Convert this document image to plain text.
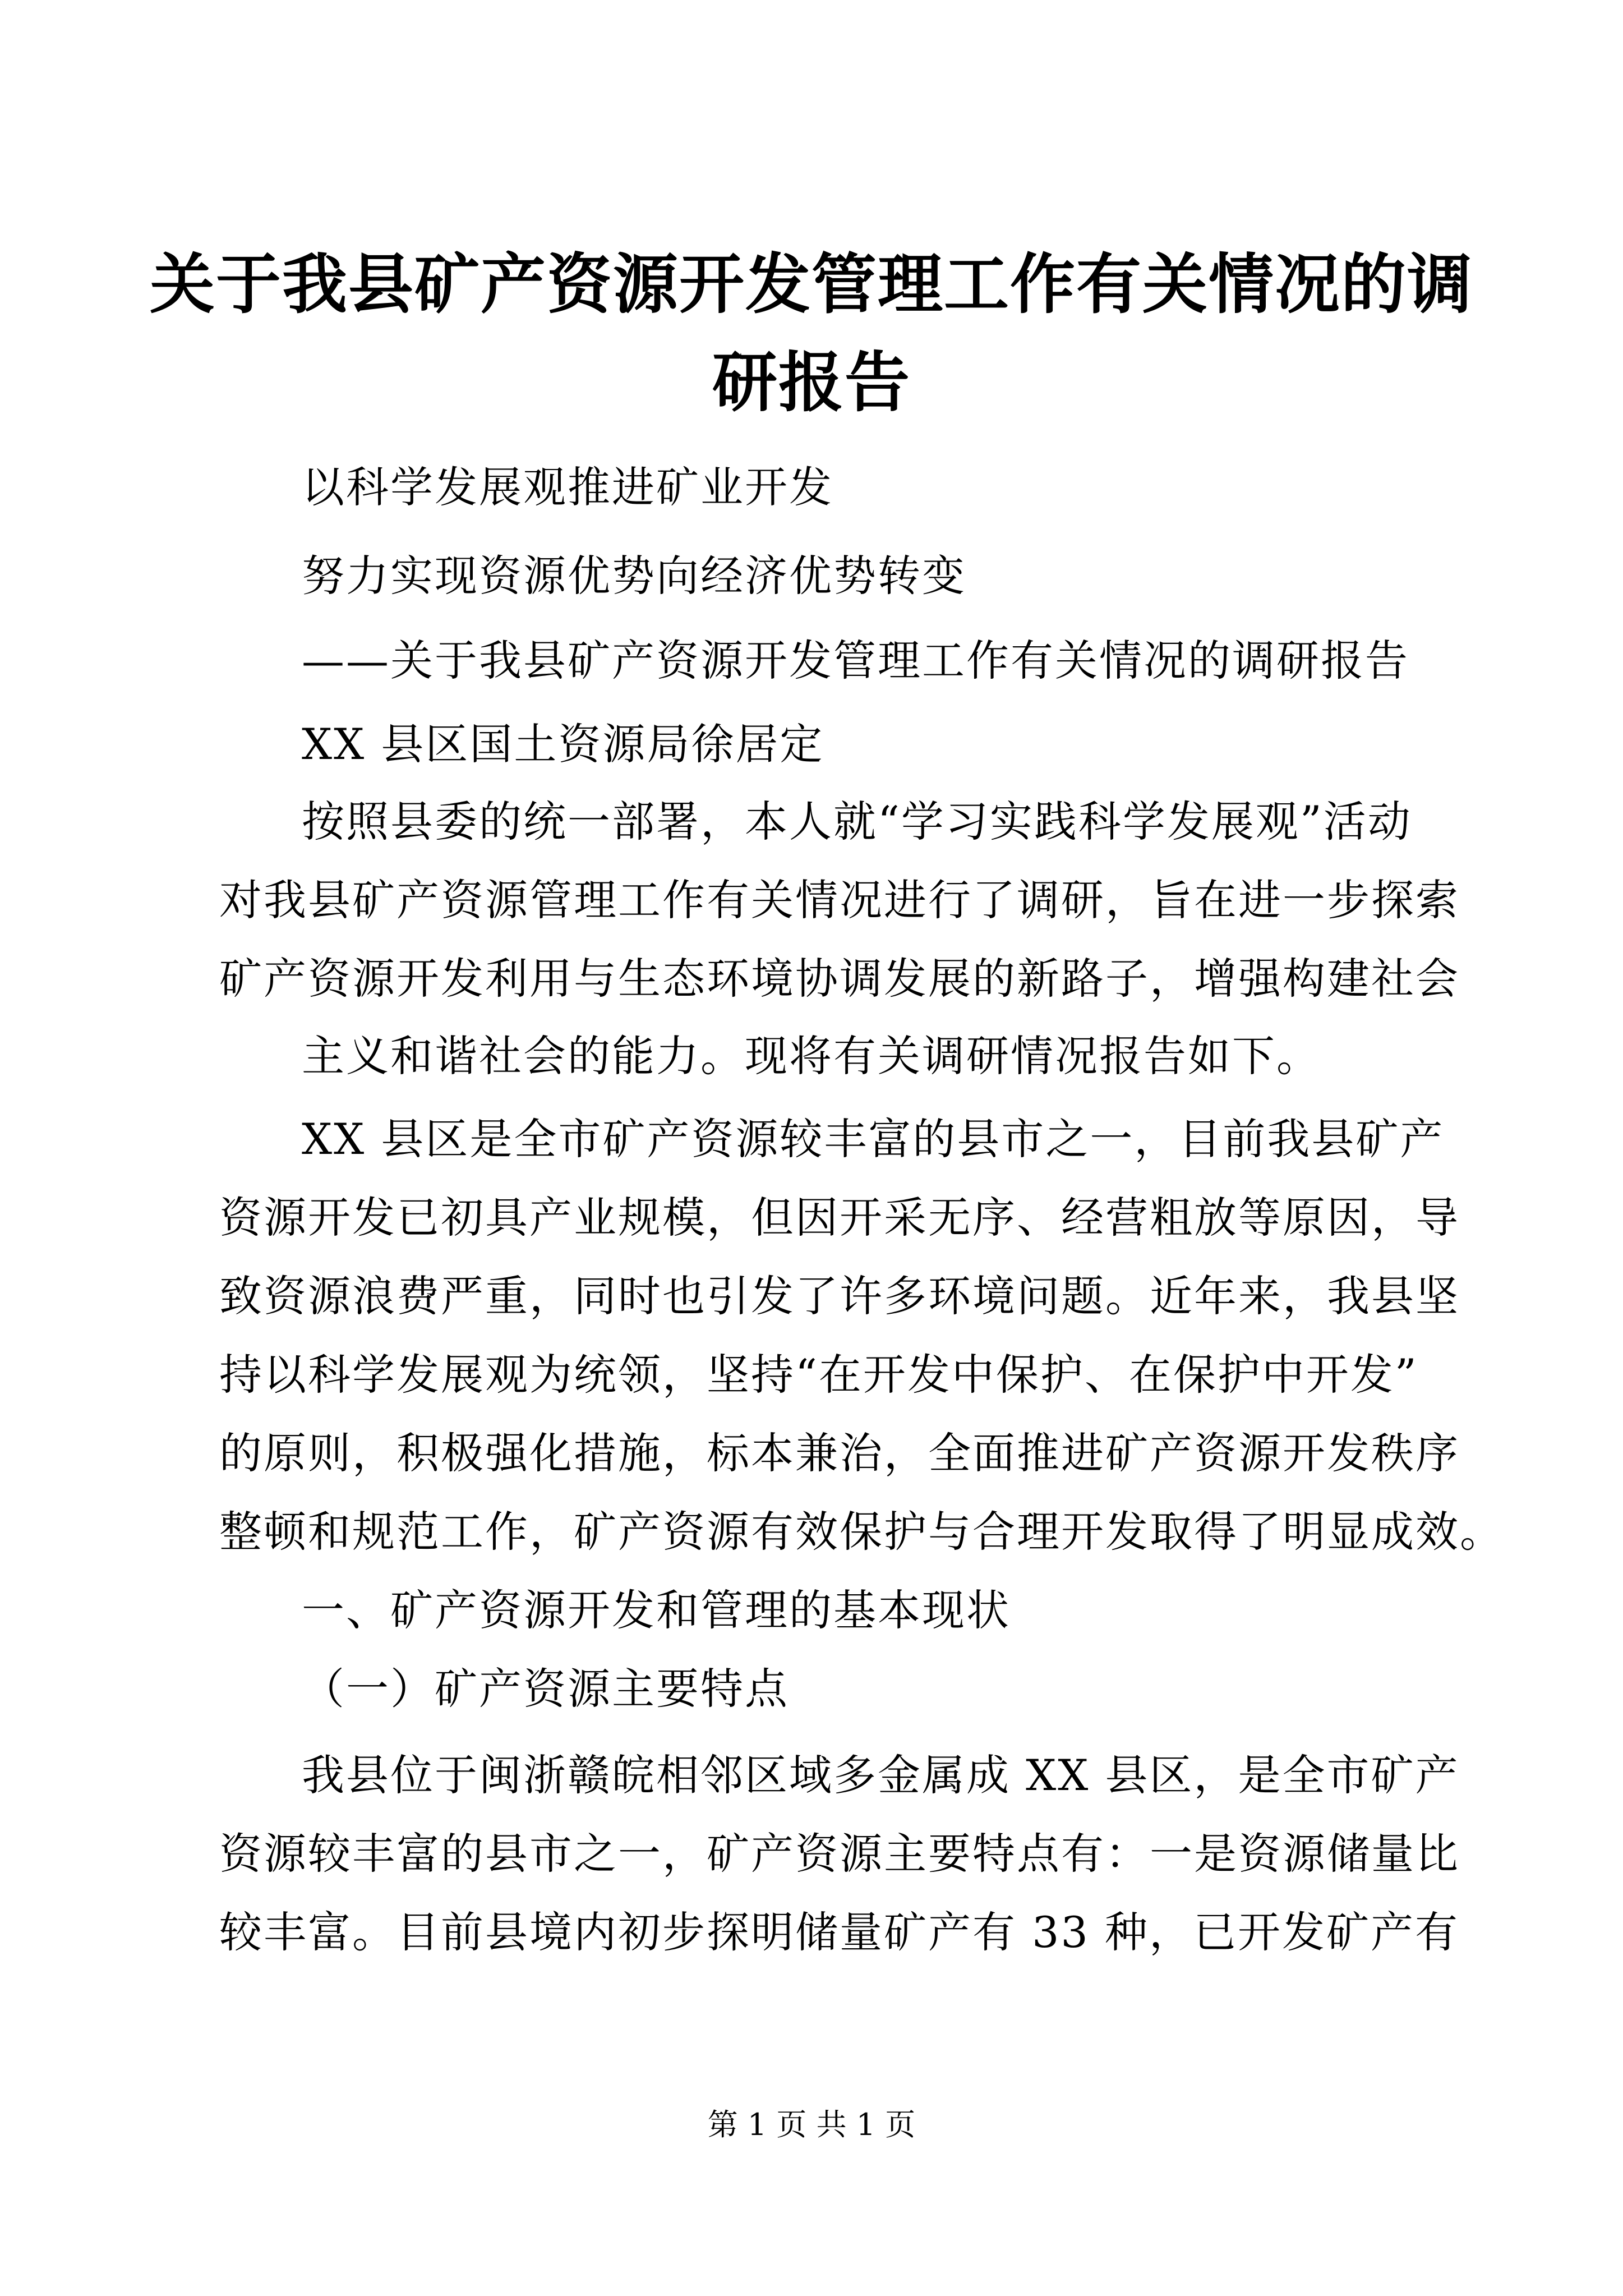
关于我县矿产资源开发管理工作有关情况的调
研报告
以科学发展观推进矿业开发
努力实现资源优势向经济优势转变
——关于我县矿产资源开发管理工作有关情况的调研报告
XX 县区国土资源局徐居定
按照县委的统一部署，本人就“学习实践科学发展观”活动
对我县矿产资源管理工作有关情况进行了调研，旨在进一步探索
矿产资源开发利用与生态环境协调发展的新路子，增强构建社会
主义和谐社会的能力。现将有关调研情况报告如下。
XX 县区是全市矿产资源较丰富的县市之一，目前我县矿产
资源开发已初具产业规模，但因开采无序、经营粗放等原因，导
致资源浪费严重，同时也引发了许多环境问题。近年来，我县坚
持以科学发展观为统领，坚持“在开发中保护、在保护中开发”
的原则，积极强化措施，标本兼治，全面推进矿产资源开发秩序
整顿和规范工作，矿产资源有效保护与合理开发取得了明显成效。
一、矿产资源开发和管理的基本现状
（一）矿产资源主要特点
我县位于闽浙赣皖相邻区域多金属成 XX 县区，是全市矿产
资源较丰富的县市之一，矿产资源主要特点有：一是资源储量比
较丰富。目前县境内初步探明储量矿产有 33 种，已开发矿产有
第 1 页 共 1 页
